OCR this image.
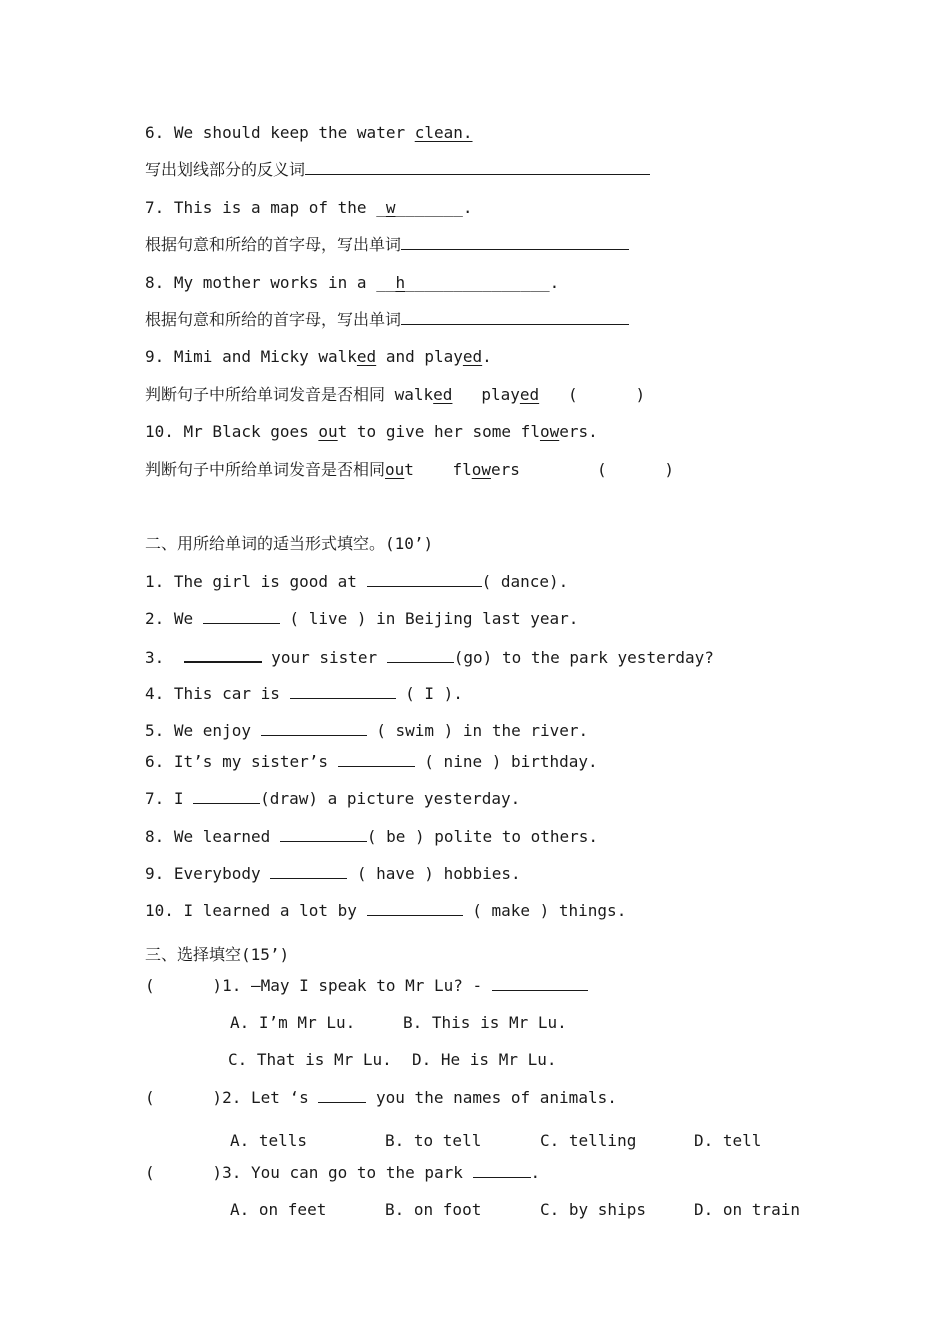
6. We should keep the water clean.
写出划线部分的反义词
7. This is a map of the _w_______.
根据句意和所给的首字母，写出单词
8. My mother works in a __h_______________.
根据句意和所给的首字母，写出单词
9. Mimi and Micky walked and played.
判断句子中所给单词发音是否相同 walked played (      )
10. Mr Black goes out to give her some flowers.
判断句子中所给单词发音是否相同out flowers	(      )
二、用所给单词的适当形式填空。(10’)
1. The girl is good at	( dance).
2. We	( live ) in Beijing last year.
3.	your sister	(go) to the park yesterday?
4. This car is	( I ).
5. We enjoy	( swim ) in the river.
6. It’s my sister’s	( nine ) birthday.
7. I	(draw) a picture yesterday.
8. We learned	( be ) polite to others.
9. Everybody	( have ) hobbies.
10. I learned a lot by	( make ) things.
三、选择填空(15’)
(      )1. –May I speak to Mr Lu? -
A. I’m Mr Lu.	B. This is Mr Lu.
C. That is Mr Lu. D. He is Mr Lu.
(      )2. Let ‘s	you the names of animals.
A. tells	B. to tell	C. telling	D. tell
(      )3. You can go to the park	.
A. on feet	B. on foot	C. by ships	D. on train
